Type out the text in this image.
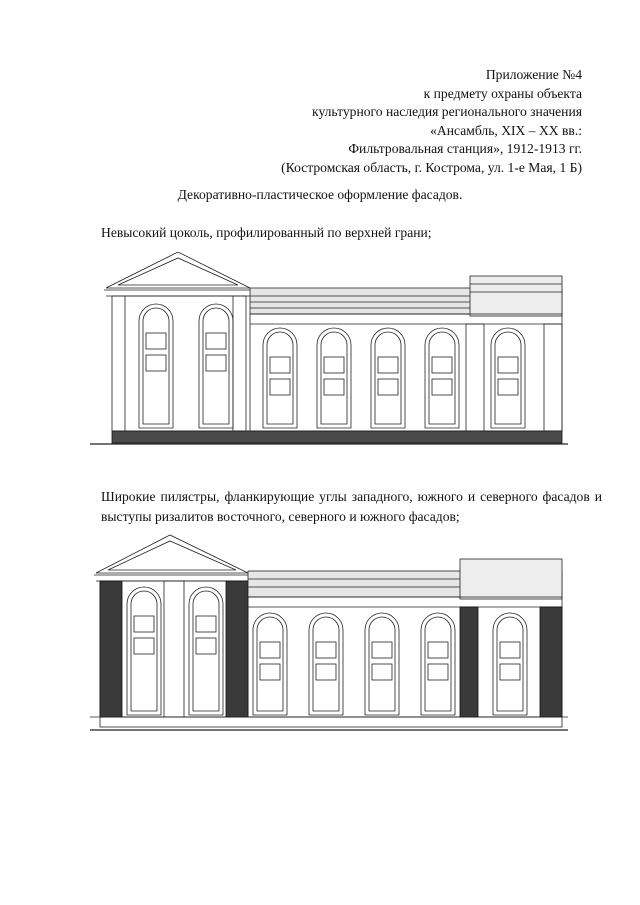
Приложение №4
к предмету охраны объекта
культурного наследия регионального значения
«Ансамбль, XIX – XX вв.:
Фильтровальная станция», 1912-1913 гг.
(Костромская область, г. Кострома, ул. 1-е Мая, 1 Б)
Декоративно-пластическое оформление фасадов.
Невысокий цоколь, профилированный по верхней грани;
Широкие пилястры, фланкирующие углы западного, южного и северного фасадов и выступы ризалитов восточного, северного и южного фасадов;
